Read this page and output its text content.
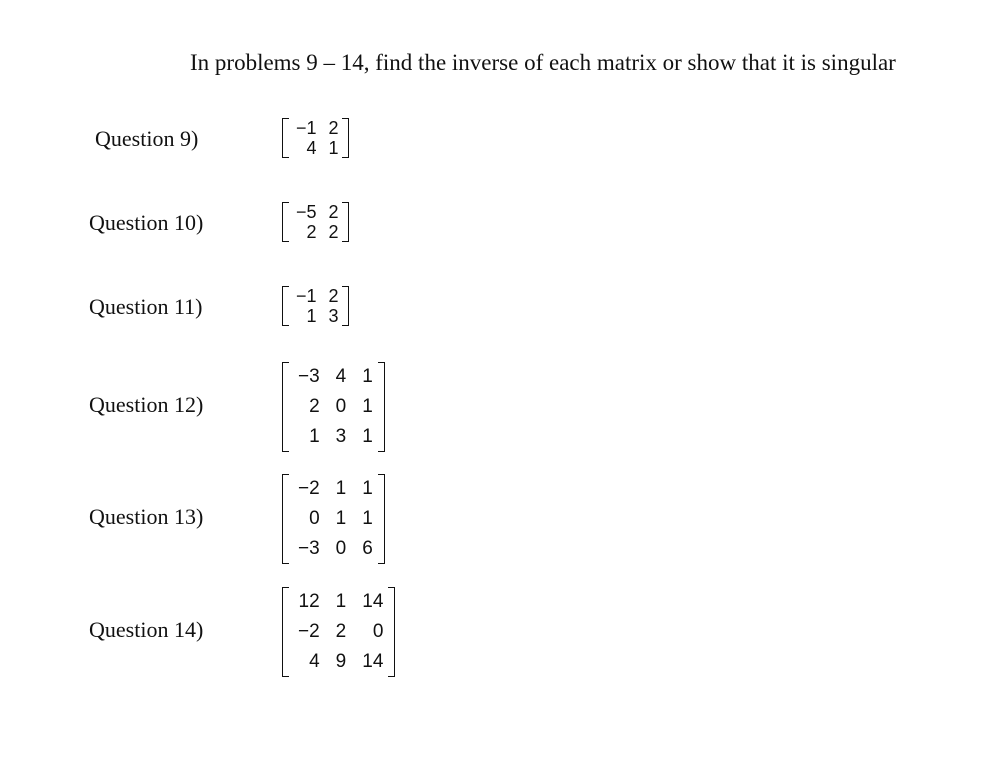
In problems 9 – 14, find the inverse of each matrix or show that it is singular
Question 9)	−1	2
4	1
Question 10)	−5	2
2	2
Question 11)	−1	2
1	3
Question 12)
−3	4	1
2	0	1
1	3	1
Question 13)
−2	1	1
0	1	1
−3	0	6
Question 14)
12	1	14
−2	2	0
4	9	14
